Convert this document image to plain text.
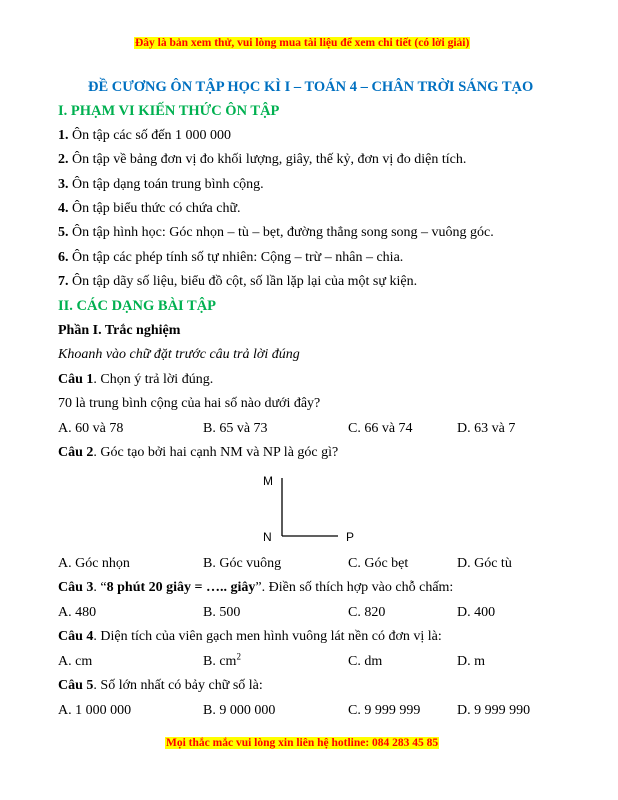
Đây là bản xem thử, vui lòng mua tài liệu để xem chi tiết (có lời giải)
ĐỀ CƯƠNG ÔN TẬP HỌC KÌ I – TOÁN 4 – CHÂN TRỜI SÁNG TẠO
I. PHẠM VI KIẾN THỨC ÔN TẬP
1. Ôn tập các số đến 1 000 000
2. Ôn tập về bảng đơn vị đo khối lượng, giây, thế kỷ, đơn vị đo diện tích.
3. Ôn tập dạng toán trung bình cộng.
4. Ôn tập biểu thức có chứa chữ.
5. Ôn tập hình học: Góc nhọn – tù – bẹt, đường thẳng song song – vuông góc.
6. Ôn tập các phép tính số tự nhiên: Cộng – trừ – nhân – chia.
7. Ôn tập dãy số liệu, biểu đồ cột, số lần lặp lại của một sự kiện.
II. CÁC DẠNG BÀI TẬP
Phần I. Trắc nghiệm
Khoanh vào chữ đặt trước câu trả lời đúng
Câu 1. Chọn ý trả lời đúng.
70 là trung bình cộng của hai số nào dưới đây?
A. 60 và 78	B. 65 và 73	C. 66 và 74	D. 63 và 7
Câu 2. Góc tạo bởi hai cạnh NM và NP là góc gì?
M
N	P
A. Góc nhọn	B. Góc vuông	C. Góc bẹt	D. Góc tù
Câu 3. “8 phút 20 giây = ….. giây”. Điền số thích hợp vào chỗ chấm:
A. 480	B. 500	C. 820	D. 400
Câu 4. Diện tích của viên gạch men hình vuông lát nền có đơn vị là:
A. cm	B. $cm^2$	C. dm	D. m
Câu 5. Số lớn nhất có bảy chữ số là:
A. 1 000 000	B. 9 000 000	C. 9 999 999	D. 9 999 990
Mọi thắc mắc vui lòng xin liên hệ hotline: 084 283 45 85
